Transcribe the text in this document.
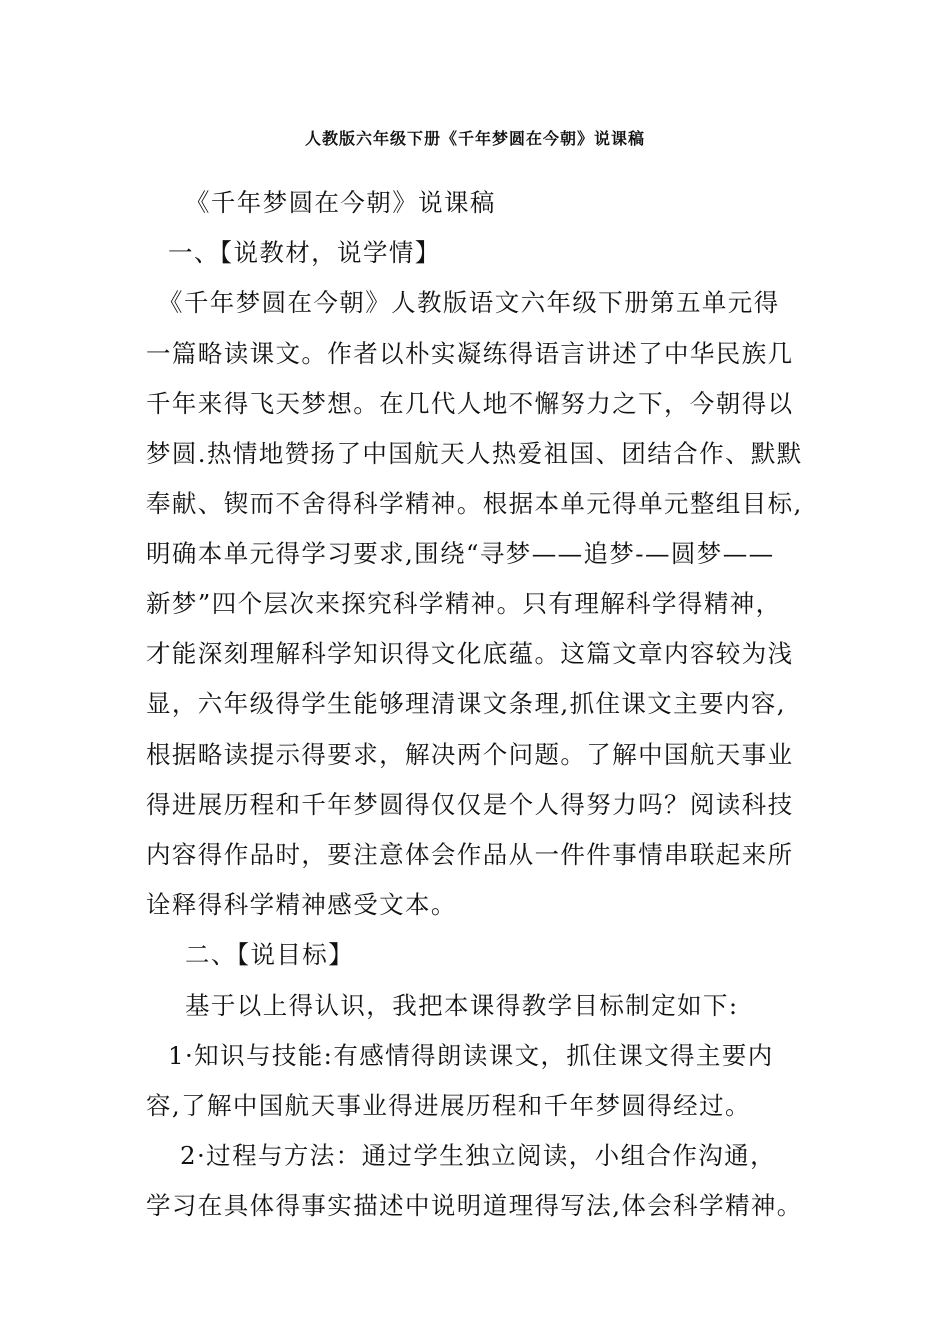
人教版六年级下册《千年梦圆在今朝》说课稿
《千年梦圆在今朝》说课稿
一、【说教材，说学情】
《千年梦圆在今朝》人教版语文六年级下册第五单元得
一篇略读课文。作者以朴实凝练得语言讲述了中华民族几
千年来得飞天梦想。在几代人地不懈努力之下，今朝得以
梦圆.热情地赞扬了中国航天人热爱祖国、团结合作、默默
奉献、锲而不舍得科学精神。根据本单元得单元整组目标,
明确本单元得学习要求,围绕“寻梦——追梦-—圆梦——
新梦”四个层次来探究科学精神。只有理解科学得精神，
才能深刻理解科学知识得文化底蕴。这篇文章内容较为浅
显，六年级得学生能够理清课文条理,抓住课文主要内容,
根据略读提示得要求，解决两个问题。了解中国航天事业
得进展历程和千年梦圆得仅仅是个人得努力吗？阅读科技
内容得作品时，要注意体会作品从一件件事情串联起来所
诠释得科学精神感受文本。
二、【说目标】
基于以上得认识，我把本课得教学目标制定如下:
1·知识与技能:有感情得朗读课文，抓住课文得主要内
容,了解中国航天事业得进展历程和千年梦圆得经过。
2·过程与方法：通过学生独立阅读，小组合作沟通，
学习在具体得事实描述中说明道理得写法,体会科学精神。
